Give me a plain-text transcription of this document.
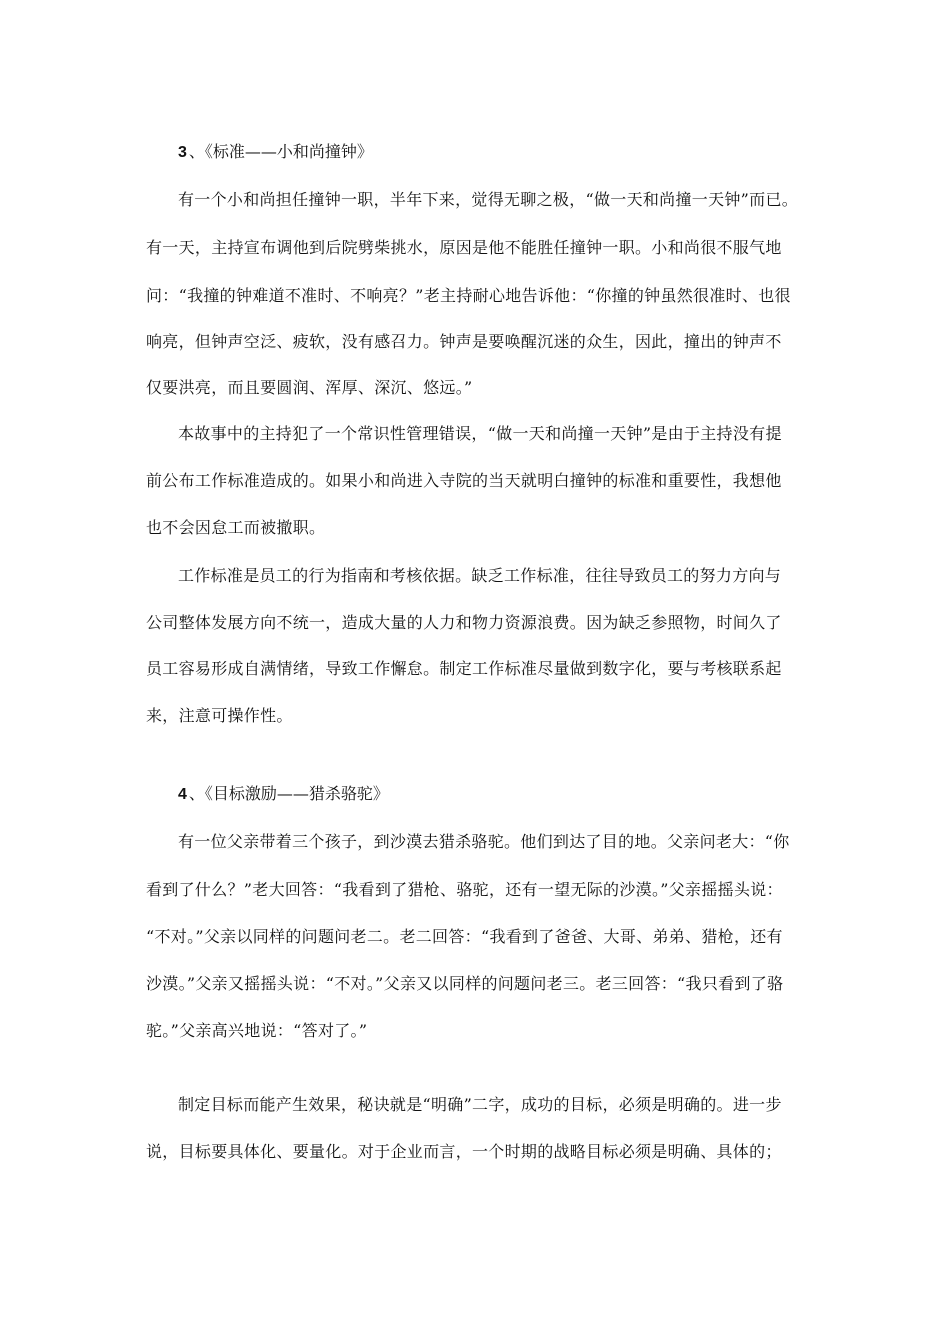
3 、《标准——小和尚撞钟》
有一个小和尚担任撞钟一职，半年下来，觉得无聊之极，“做一天和尚撞一天钟”而已。
有一天，主持宣布调他到后院劈柴挑水，原因是他不能胜任撞钟一职。小和尚很不服气地
问：“我撞的钟难道不准时、不响亮？”老主持耐心地告诉他：“你撞的钟虽然很准时、也很
响亮，但钟声空泛、疲软，没有感召力。钟声是要唤醒沉迷的众生，因此，撞出的钟声不
仅要洪亮，而且要圆润、浑厚、深沉、悠远。”
本故事中的主持犯了一个常识性管理错误，“做一天和尚撞一天钟”是由于主持没有提
前公布工作标准造成的。如果小和尚进入寺院的当天就明白撞钟的标准和重要性，我想他
也不会因怠工而被撤职。
工作标准是员工的行为指南和考核依据。缺乏工作标准，往往导致员工的努力方向与
公司整体发展方向不统一，造成大量的人力和物力资源浪费。因为缺乏参照物，时间久了
员工容易形成自满情绪，导致工作懈怠。制定工作标准尽量做到数字化，要与考核联系起
来，注意可操作性。
4 、《目标激励——猎杀骆驼》
有一位父亲带着三个孩子，到沙漠去猎杀骆驼。他们到达了目的地。父亲问老大：“你
看到了什么？”老大回答：“我看到了猎枪、骆驼，还有一望无际的沙漠。”父亲摇摇头说：
“不对。”父亲以同样的问题问老二。老二回答：“我看到了爸爸、大哥、弟弟、猎枪，还有
沙漠。”父亲又摇摇头说：“不对。”父亲又以同样的问题问老三。老三回答：“我只看到了骆
驼。”父亲高兴地说：“答对了。”
制定目标而能产生效果，秘诀就是“明确”二字，成功的目标，必须是明确的。进一步
说，目标要具体化、要量化。对于企业而言，一个时期的战略目标必须是明确、具体的；
